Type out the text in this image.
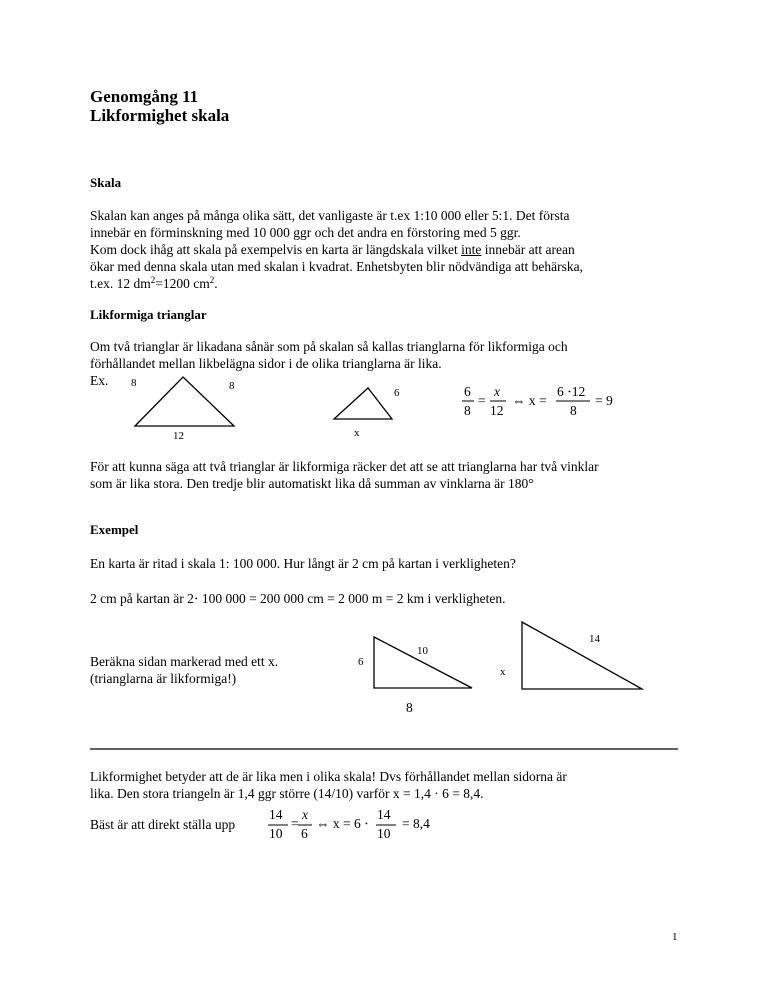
Genomgång 11
Likformighet skala
Skala
Skalan kan anges på många olika sätt, det vanligaste är t.ex 1:10 000 eller 5:1. Det första
innebär en förminskning med 10 000 ggr och det andra en förstoring med 5 ggr.
Kom dock ihåg att skala på exempelvis en karta är längdskala vilket inte innebär att arean
ökar med denna skala utan med skalan i kvadrat. Enhetsbyten blir nödvändiga att behärska,
t.ex. 12 $dm^2=1200$ $cm^2$.
Likformiga trianglar
Om två trianglar är likadana sånär som på skalan så kallas trianglarna för likformiga och
förhållandet mellan likbelägna sidor i de olika trianglarna är lika.
Ex. 8	8
12
6
x
6
8
=
x
12
⇔ x =
6 ⋅12
8
= 9
För att kunna säga att två trianglar är likformiga räcker det att se att trianglarna har två vinklar
som är lika stora. Den tredje blir automatiskt lika då summan av vinklarna är 180°
Exempel
En karta är ritad i skala 1: 100 000. Hur långt är 2 cm på kartan i verkligheten?
2 cm på kartan är 2⋅ 100 000 = 200 000 cm = 2 000 m = 2 km i verkligheten.
Beräkna sidan markerad med ett x.
(trianglarna är likformiga!)
6
10
8
14
x
Likformighet betyder att de är lika men i olika skala! Dvs förhållandet mellan sidorna är
lika. Den stora triangeln är 1,4 ggr större (14/10) varför x = 1,4 · 6 = 8,4.
Bäst är att direkt ställa upp
14
10
=
x
6
⇔ x = 6 ⋅
14
10
= 8,4
1
